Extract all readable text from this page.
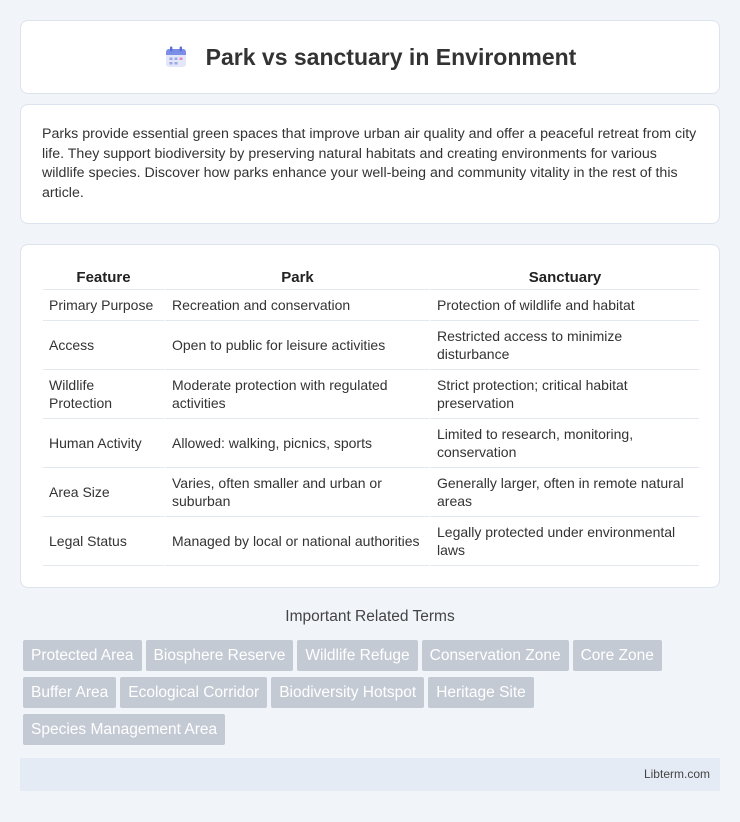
Park vs sanctuary in Environment

Parks provide essential green spaces that improve urban air quality and offer a peaceful retreat from city life. They support biodiversity by preserving natural habitats and creating environments for various wildlife species. Discover how parks enhance your well-being and community vitality in the rest of this article.

Feature	Park	Sanctuary
Primary Purpose	Recreation and conservation	Protection of wildlife and habitat
Access	Open to public for leisure activities	Restricted access to minimize disturbance
Wildlife Protection	Moderate protection with regulated activities	Strict protection; critical habitat preservation
Human Activity	Allowed: walking, picnics, sports	Limited to research, monitoring, conservation
Area Size	Varies, often smaller and urban or suburban	Generally larger, often in remote natural areas
Legal Status	Managed by local or national authorities	Legally protected under environmental laws
Important Related Terms
Protected Area Biosphere Reserve Wildlife Refuge Conservation Zone Core Zone
Buffer Area Ecological Corridor Biodiversity Hotspot Heritage Site
Species Management Area
Libterm.com
